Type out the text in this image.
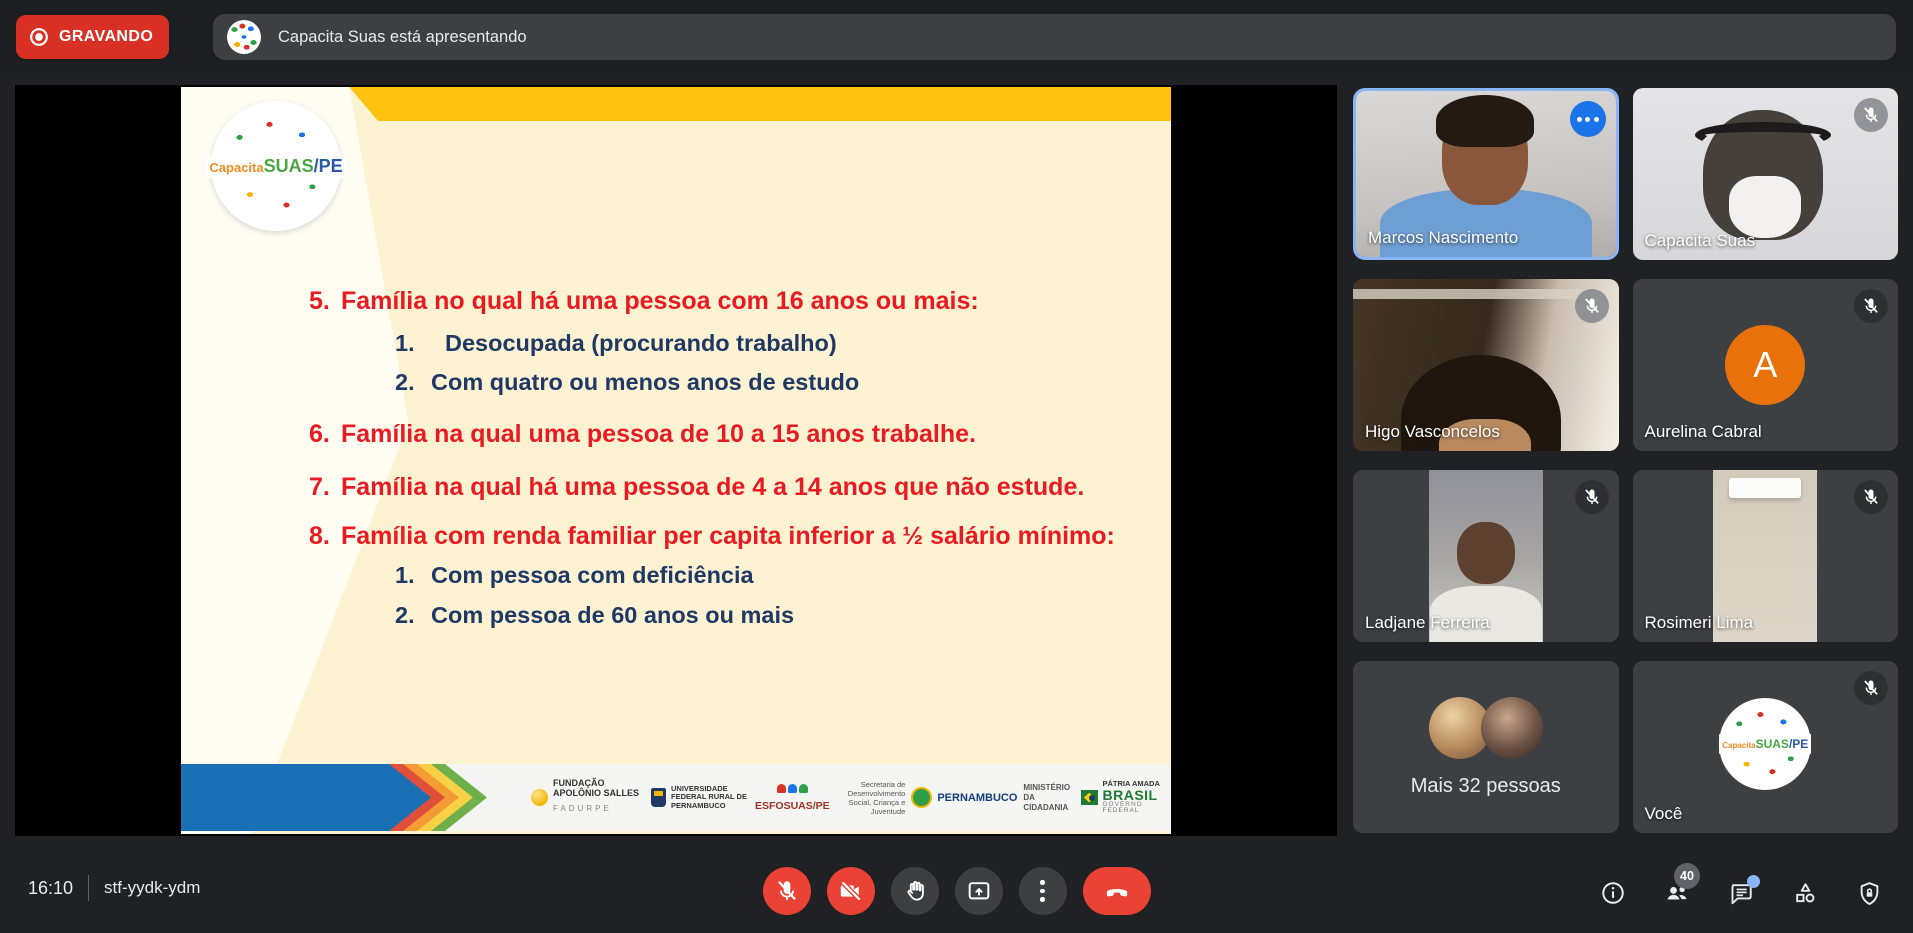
GRAVANDO	Capacita Suas está apresentando
CapacitaSUAS/PE
5. Família no qual há uma pessoa com 16 anos ou mais:
1.	Desocupada (procurando trabalho)
2. Com quatro ou menos anos de estudo
6. Família na qual uma pessoa de 10 a 15 anos trabalhe.
7. Família na qual há uma pessoa de 4 a 14 anos que não estude.
8. Família com renda familiar per capita inferior a ½ salário mínimo:
1. Com pessoa com deficiência
2. Com pessoa de 60 anos ou mais
FUNDAÇÃO APOLÔNIO SALLES
FADURPE
UNIVERSIDADE FEDERAL RURAL DE PERNAMBUCO	ESFOSUAS/PE
Secretaria de Desenvolvimento Social, Criança e Juventude
PERNAMBUCO
MINISTÉRIO DA CIDADANIA
PÁTRIA AMADA
BRASIL
GOVERNO FEDERAL
Marcos Nascimento	Capacita Suas
Higo Vasconcelos
A
Aurelina Cabral
Ladjane Ferreira	Rosimeri Lima
Mais 32 pessoas
CapacitaSUAS/PE
Você
16:10 stf-yydk-ydm
40
